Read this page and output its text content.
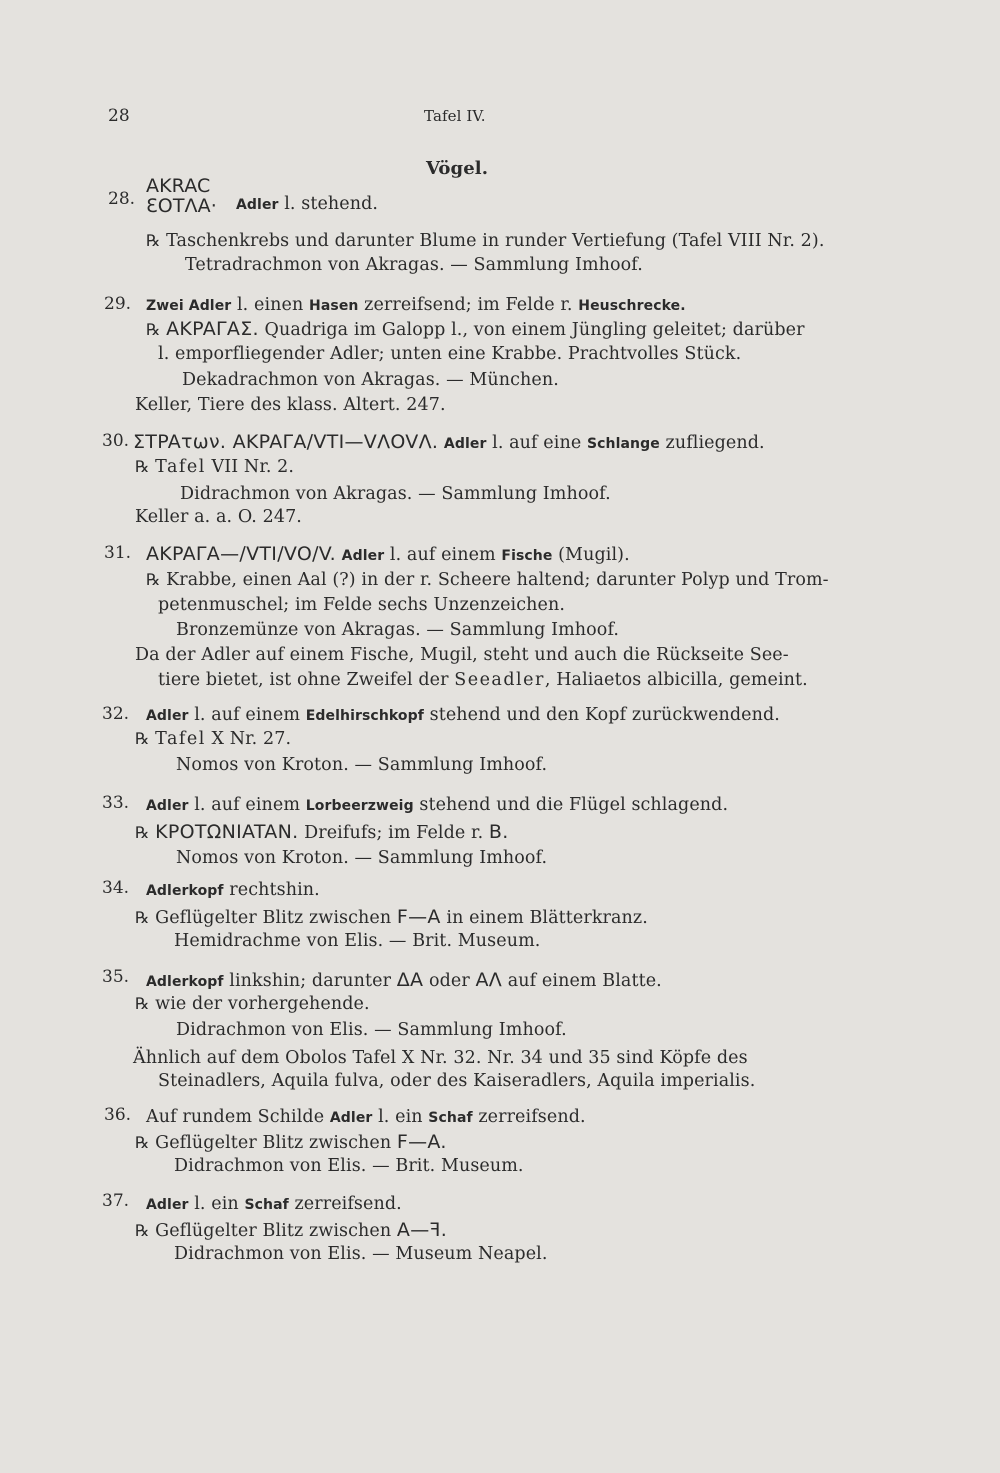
28	Tafel IV.
Vögel.
28.
AKRAC
ƐOTɅA· Adler l. stehend.
℞ Taschenkrebs und darunter Blume in runder Vertiefung (Tafel VIII Nr. 2).
Tetradrachmon von Akragas. — Sammlung Imhoof.
29. Zwei Adler l. einen Hasen zerreifsend; im Felde r. Heuschrecke.
℞ AKPAΓAΣ. Quadriga im Galopp l., von einem Jüngling geleitet; darüber
l. emporfliegender Adler; unten eine Krabbe. Prachtvolles Stück.
Dekadrachmon von Akragas. — München.
Keller, Tiere des klass. Altert. 247.
30. ΣTPAτων. AKPAΓA∕VTI—VΛOVΛ. Adler l. auf eine Schlange zufliegend.
℞ Tafel VII Nr. 2.
Didrachmon von Akragas. — Sammlung Imhoof.
Keller a. a. O. 247.
31. AKPAΓA—∕VTI∕VO∕V. Adler l. auf einem Fische (Mugil).
℞ Krabbe, einen Aal (?) in der r. Scheere haltend; darunter Polyp und Trom-
petenmuschel; im Felde sechs Unzenzeichen.
Bronzemünze von Akragas. — Sammlung Imhoof.
Da der Adler auf einem Fische, Mugil, steht und auch die Rückseite See-
tiere bietet, ist ohne Zweifel der Seeadler, Haliaetos albicilla, gemeint.
32. Adler l. auf einem Edelhirschkopf stehend und den Kopf zurückwendend.
℞ Tafel X Nr. 27.
Nomos von Kroton. — Sammlung Imhoof.
33. Adler l. auf einem Lorbeerzweig stehend und die Flügel schlagend.
℞ KPOTΩNIATAN. Dreifufs; im Felde r. B.
Nomos von Kroton. — Sammlung Imhoof.
34. Adlerkopf rechtshin.
℞ Geflügelter Blitz zwischen F—A in einem Blätterkranz.
Hemidrachme von Elis. — Brit. Museum.
35. Adlerkopf linkshin; darunter ΔA oder AΛ auf einem Blatte.
℞ wie der vorhergehende.
Didrachmon von Elis. — Sammlung Imhoof.
Ähnlich auf dem Obolos Tafel X Nr. 32. Nr. 34 und 35 sind Köpfe des
Steinadlers, Aquila fulva, oder des Kaiseradlers, Aquila imperialis.
36. Auf rundem Schilde Adler l. ein Schaf zerreifsend.
℞ Geflügelter Blitz zwischen F—A.
Didrachmon von Elis. — Brit. Museum.
37. Adler l. ein Schaf zerreifsend.
℞ Geflügelter Blitz zwischen A—ꟻ.
Didrachmon von Elis. — Museum Neapel.
